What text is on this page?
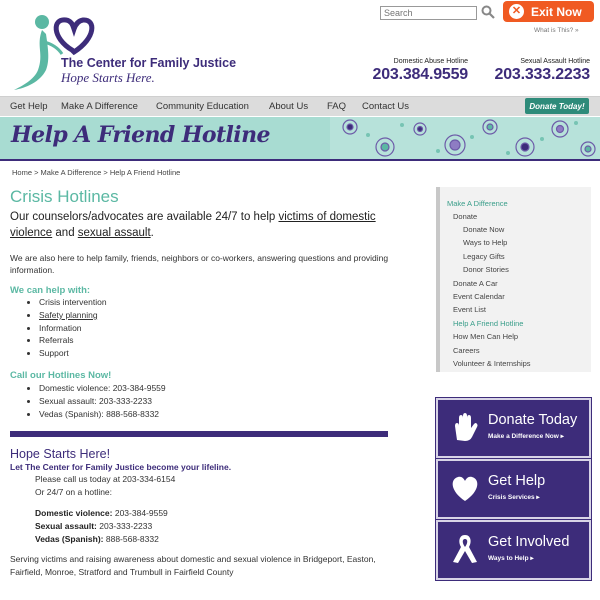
The Center for Family Justice
Hope Starts Here.
Search
✕ Exit Now
What is This? »
Domestic Abuse Hotline
203.384.9559
Sexual Assault Hotline
203.333.2233
Get Help Make A Difference Community Education About Us FAQ Contact Us	Donate Today!
Help A Friend Hotline
Home > Make A Difference > Help A Friend Hotline
Crisis Hotlines
Our counselors/advocates are available 24/7 to help victims of domestic violence and sexual assault.
We are also here to help family, friends, neighbors or co-workers, answering questions and providing information.
We can help with:
• Crisis intervention
• Safety planning
• Information
• Referrals
• Support
Call our Hotlines Now!
• Domestic violence: 203-384-9559
• Sexual assault: 203-333-2233
• Vedas (Spanish): 888-568-8332
Hope Starts Here!
Let The Center for Family Justice become your lifeline.
Please call us today at 203-334-6154
Or 24/7 on a hotline:
Domestic violence: 203-384-9559
Sexual assault: 203-333-2233
Vedas (Spanish): 888-568-8332
Serving victims and raising awareness about domestic and sexual violence in Bridgeport, Easton, Fairfield, Monroe, Stratford and Trumbull in Fairfield County
Make A Difference
Donate
Donate Now
Ways to Help
Legacy Gifts
Donor Stories
Donate A Car
Event Calendar
Event List
Help A Friend Hotline
How Men Can Help
Careers
Volunteer & Internships
Donate Today
Make a Difference Now ▸
Get Help
Crisis Services ▸
Get Involved
Ways to Help ▸
